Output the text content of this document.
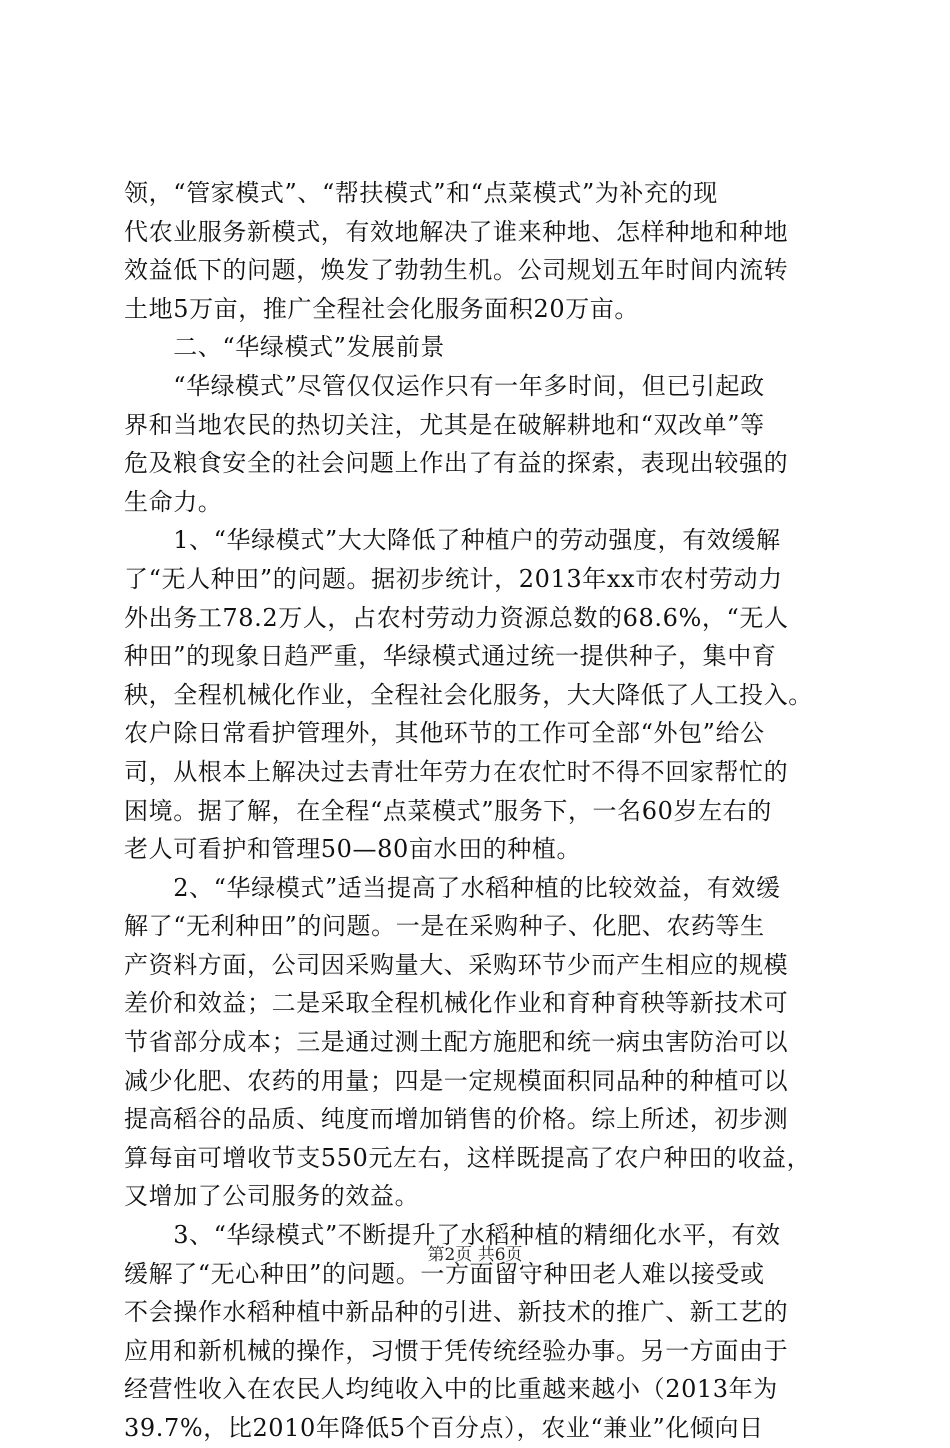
领，“管家模式”、“帮扶模式”和“点菜模式”为补充的现
代农业服务新模式，有效地解决了谁来种地、怎样种地和种地
效益低下的问题，焕发了勃勃生机。公司规划五年时间内流转
土地5万亩，推广全程社会化服务面积20万亩。
　　二、“华绿模式”发展前景
　　“华绿模式”尽管仅仅运作只有一年多时间，但已引起政
界和当地农民的热切关注，尤其是在破解耕地和“双改单”等
危及粮食安全的社会问题上作出了有益的探索，表现出较强的
生命力。
　　1、“华绿模式”大大降低了种植户的劳动强度，有效缓解
了“无人种田”的问题。据初步统计，2013年xx市农村劳动力
外出务工78.2万人，占农村劳动力资源总数的68.6%，“无人
种田”的现象日趋严重，华绿模式通过统一提供种子，集中育
秧，全程机械化作业，全程社会化服务，大大降低了人工投入。
农户除日常看护管理外，其他环节的工作可全部“外包”给公
司，从根本上解决过去青壮年劳力在农忙时不得不回家帮忙的
困境。据了解，在全程“点菜模式”服务下，一名60岁左右的
老人可看护和管理50—80亩水田的种植。
　　2、“华绿模式”适当提高了水稻种植的比较效益，有效缓
解了“无利种田”的问题。一是在采购种子、化肥、农药等生
产资料方面，公司因采购量大、采购环节少而产生相应的规模
差价和效益；二是采取全程机械化作业和育种育秧等新技术可
节省部分成本；三是通过测土配方施肥和统一病虫害防治可以
减少化肥、农药的用量；四是一定规模面积同品种的种植可以
提高稻谷的品质、纯度而增加销售的价格。综上所述，初步测
算每亩可增收节支550元左右，这样既提高了农户种田的收益，
又增加了公司服务的效益。
　　3、“华绿模式”不断提升了水稻种植的精细化水平，有效
缓解了“无心种田”的问题。一方面留守种田老人难以接受或
不会操作水稻种植中新品种的引进、新技术的推广、新工艺的
应用和新机械的操作，习惯于凭传统经验办事。另一方面由于
经营性收入在农民人均纯收入中的比重越来越小（2013年为
39.7%，比2010年降低5个百分点），农业“兼业”化倾向日
第2页 共6页
